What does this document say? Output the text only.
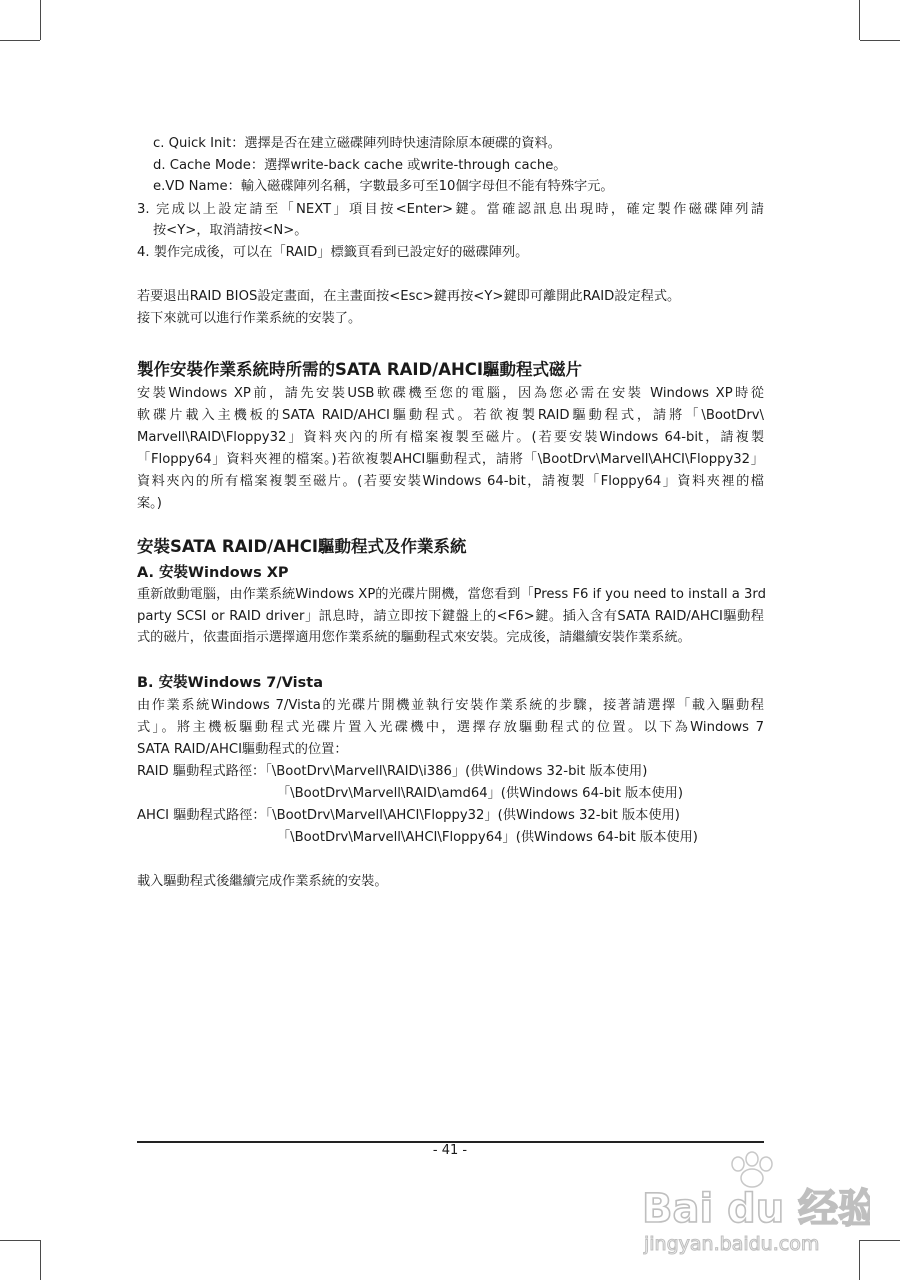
c. Quick Init：選擇是否在建立磁碟陣列時快速清除原本硬碟的資料。
d. Cache Mode：選擇write-back cache 或write-through cache。
e.VD Name：輸入磁碟陣列名稱，字數最多可至10個字母但不能有特殊字元。
3. 完成以上設定請至「NEXT」項目按<Enter>鍵。當確認訊息出現時，確定製作磁碟陣列請
按<Y>，取消請按<N>。
4. 製作完成後，可以在「RAID」標籤頁看到已設定好的磁碟陣列。
若要退出RAID BIOS設定畫面，在主畫面按<Esc>鍵再按<Y>鍵即可離開此RAID設定程式。
接下來就可以進行作業系統的安裝了。
製作安裝作業系統時所需的SATA RAID/AHCI驅動程式磁片
安裝Windows XP前，請先安裝USB軟碟機至您的電腦，因為您必需在安裝 Windows XP時從
軟碟片載入主機板的SATA RAID/AHCI驅動程式。若欲複製RAID驅動程式，請將「\BootDrv\
Marvell\RAID\Floppy32」資料夾內的所有檔案複製至磁片。(若要安裝Windows 64-bit，請複製
「Floppy64」資料夾裡的檔案。)若欲複製AHCI驅動程式，請將「\BootDrv\Marvell\AHCI\Floppy32」
資料夾內的所有檔案複製至磁片。(若要安裝Windows 64-bit，請複製「Floppy64」資料夾裡的檔
案。)
安裝SATA RAID/AHCI驅動程式及作業系統
A. 安裝Windows XP
重新啟動電腦，由作業系統Windows XP的光碟片開機，當您看到「Press F6 if you need to install a 3rd
party SCSI or RAID driver」訊息時，請立即按下鍵盤上的<F6>鍵。插入含有SATA RAID/AHCI驅動程
式的磁片，依畫面指示選擇適用您作業系統的驅動程式來安裝。完成後，請繼續安裝作業系統。
B. 安裝Windows 7/Vista
由作業系統Windows 7/Vista的光碟片開機並執行安裝作業系統的步驟，接著請選擇「載入驅動程
式」。將主機板驅動程式光碟片置入光碟機中，選擇存放驅動程式的位置。以下為Windows 7
SATA RAID/AHCI驅動程式的位置：
RAID 驅動程式路徑：「\BootDrv\Marvell\RAID\i386」(供Windows 32-bit 版本使用)
「\BootDrv\Marvell\RAID\amd64」(供Windows 64-bit 版本使用)
AHCI 驅動程式路徑：「\BootDrv\Marvell\AHCI\Floppy32」(供Windows 32-bit 版本使用)
「\BootDrv\Marvell\AHCI\Floppy64」(供Windows 64-bit 版本使用)
載入驅動程式後繼續完成作業系統的安裝。
- 41 -
Bai du 经验
jingyan.baidu.com
